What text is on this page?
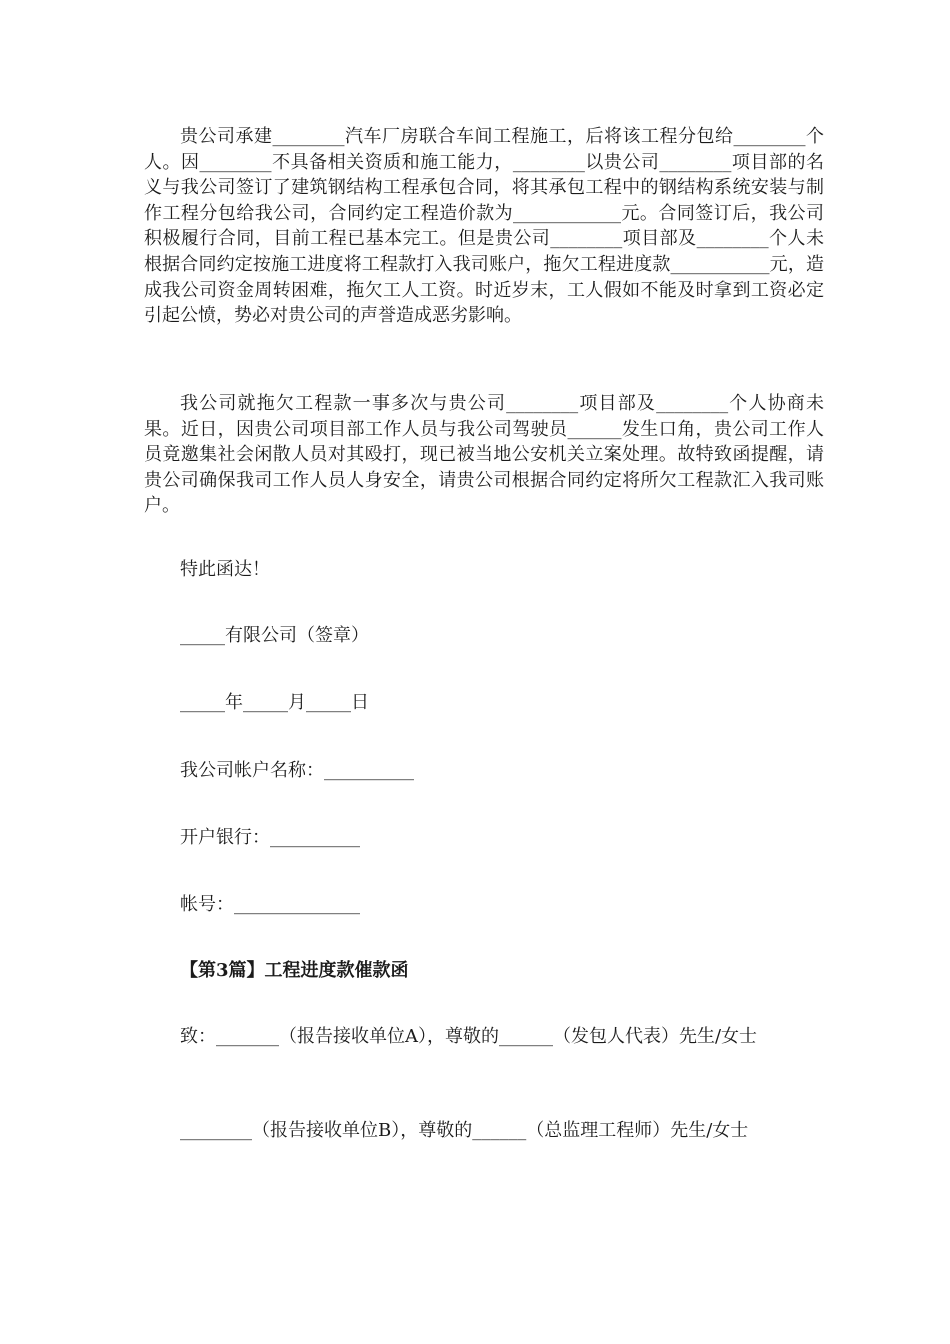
贵公司承建________汽车厂房联合车间工程施工，后将该工程分包给________个人。因________不具备相关资质和施工能力，________以贵公司________项目部的名义与我公司签订了建筑钢结构工程承包合同，将其承包工程中的钢结构系统安装与制作工程分包给我公司，合同约定工程造价款为____________元。合同签订后，我公司积极履行合同，目前工程已基本完工。但是贵公司________项目部及________个人未根据合同约定按施工进度将工程款打入我司账户，拖欠工程进度款___________元，造成我公司资金周转困难，拖欠工人工资。时近岁末，工人假如不能及时拿到工资必定引起公愤，势必对贵公司的声誉造成恶劣影响。

我公司就拖欠工程款一事多次与贵公司________项目部及________个人协商未果。近日，因贵公司项目部工作人员与我公司驾驶员______发生口角，贵公司工作人员竟邀集社会闲散人员对其殴打，现已被当地公安机关立案处理。故特致函提醒，请贵公司确保我司工作人员人身安全，请贵公司根据合同约定将所欠工程款汇入我司账户。

特此函达！

_____有限公司（签章）

_____年_____月_____日

我公司帐户名称：__________

开户银行：__________

帐号：______________

【第3篇】工程进度款催款函

致：_______（报告接收单位A），尊敬的______（发包人代表）先生/女士

________（报告接收单位B），尊敬的______（总监理工程师）先生/女士
